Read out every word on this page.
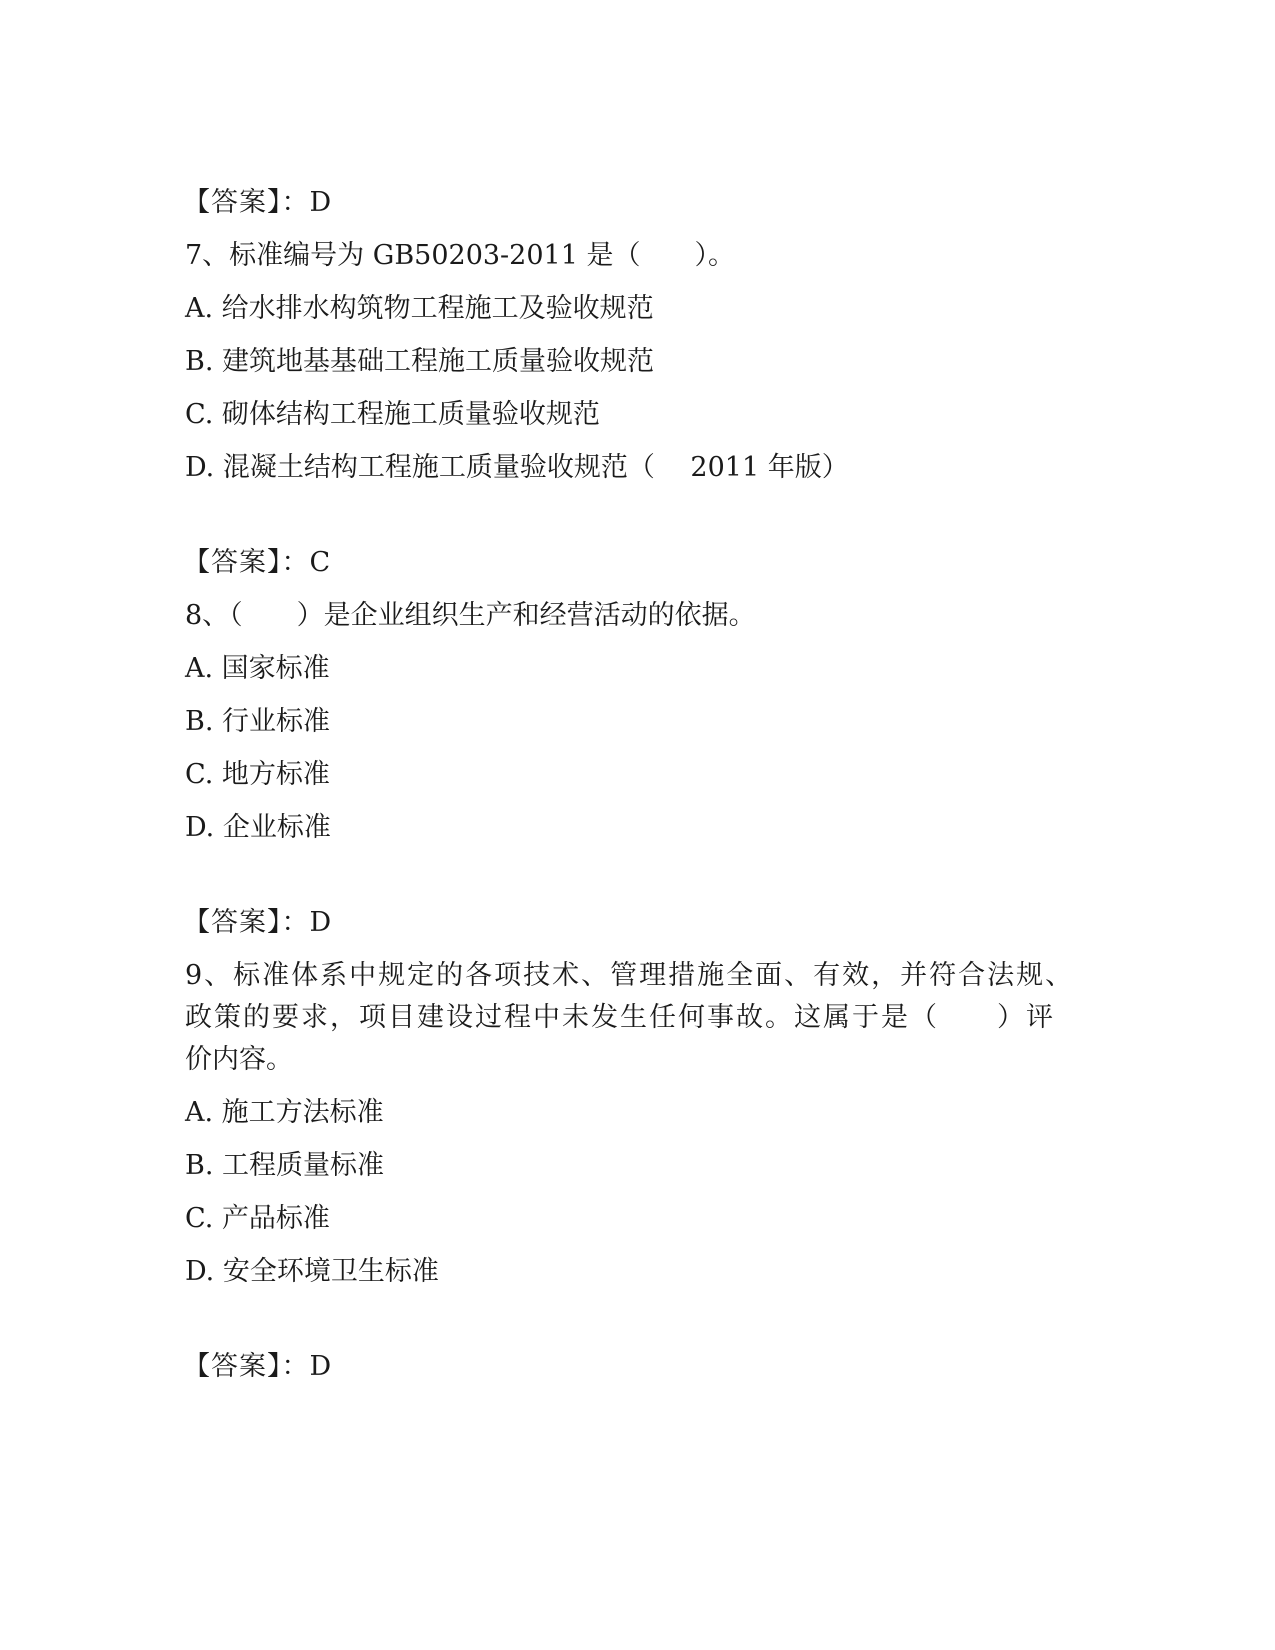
【答案】：D
7、标准编号为 GB50203-2011 是（　　）。
A. 给水排水构筑物工程施工及验收规范
B. 建筑地基基础工程施工质量验收规范
C. 砌体结构工程施工质量验收规范
D. 混凝土结构工程施工质量验收规范（　 2011 年版）
【答案】：C
8、（　　）是企业组织生产和经营活动的依据。
A. 国家标准
B. 行业标准
C. 地方标准
D. 企业标准
【答案】：D
9、标准体系中规定的各项技术、管理措施全面、有效，并符合法规、
政策的要求，项目建设过程中未发生任何事故。这属于是（　　）评
价内容。
A. 施工方法标准
B. 工程质量标准
C. 产品标准
D. 安全环境卫生标准
【答案】：D
